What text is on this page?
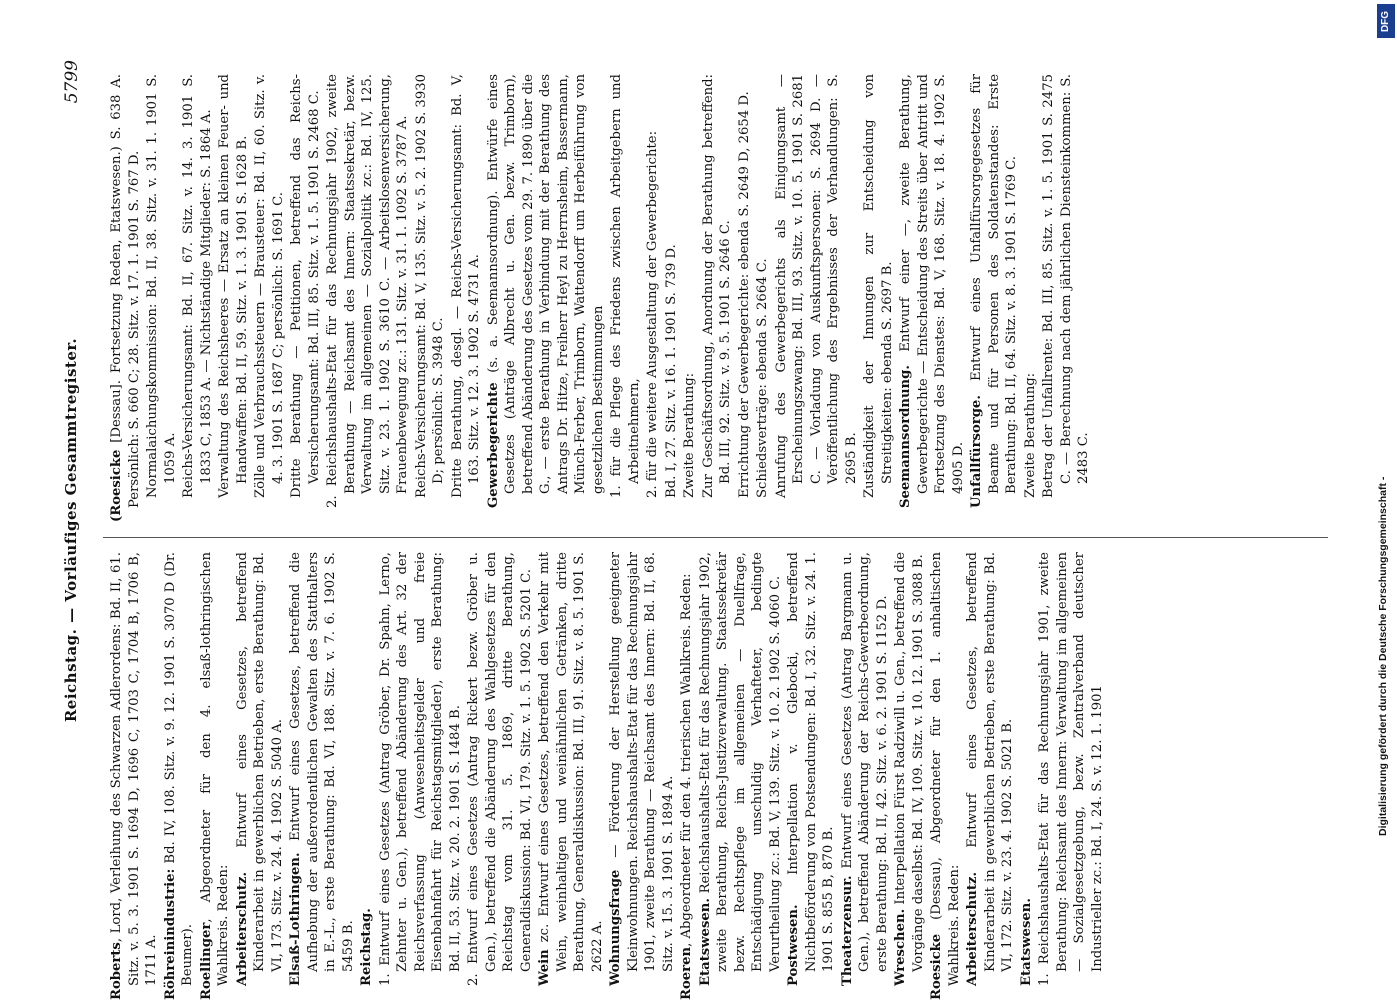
Reichstag. — Vorläufiges Gesammtregister.
5799
Roberts, Lord, Verleihung des Schwarzen Adlerordens: Bd. II, 61. Sitz. v. 5. 3. 1901 S. 1694 D, 1696 C, 1703 C, 1704 B, 1706 B, 1711 A. Röhreinindustrie: Bd. IV, 108. Sitz. v. 9. 12. 1901 S. 3070 D (Dr. Beumer). Roellinger, Abgeordneter für den 4. elsaß-lothringischen Wahlkreis. Reden: Arbeiterschutz. Entwurf eines Gesetzes, betreffend Kinderarbeit in gewerblichen Betrieben, erste Berathung: Bd. VI, 173. Sitz. v. 24. 4. 1902 S. 5040 A. Elsaß-Lothringen. Entwurf eines Gesetzes, betreffend die Aufhebung der außerordentlichen Gewalten des Statthalters in E.-L., erste Berathung: Bd. VI, 188. Sitz. v. 7. 6. 1902 S. 5459 B. Reichstag. 1. Entwurf eines Gesetzes (Antrag Gröber, Dr. Spahn, Lerno, Zehnter u. Gen.), betreffend Abänderung des Art. 32 der Reichsverfassung (Anwesenheitsgelder und freie Eisenbahnfahrt für Reichstagsmitglieder), erste Berathung: Bd. II, 53. Sitz. v. 20. 2. 1901 S. 1484 B. 2. Entwurf eines Gesetzes (Antrag Rickert bezw. Gröber u. Gen.), betreffend die Abänderung des Wahlgesetzes für den Reichstag vom 31. 5. 1869, dritte Berathung, Generaldiskussion: Bd. VI, 179. Sitz. v. 1. 5. 1902 S. 5201 C. Wein zc. Entwurf eines Gesetzes, betreffend den Verkehr mit Wein, weinhaltigen und weinähnlichen Getränken, dritte Berathung, Generaldiskussion: Bd. III, 91. Sitz. v. 8. 5. 1901 S. 2622 A. Wohnungsfrage — Förderung der Herstellung geeigneter Kleinwohnungen. Reichshaushalts-Etat für das Rechnungsjahr 1901, zweite Berathung — Reichsamt des Innern: Bd. II, 68. Sitz. v. 15. 3. 1901 S. 1894 A.
Roeren, Abgeordneter für den 4. trierischen Wahlkreis. Reden: Etatswesen. Reichshaushalts-Etat für das Rechnungsjahr 1902, zweite Berathung, Reichs-Justizverwaltung. Staatssekretär bezw. Rechtspflege im allgemeinen — Duellfrage, Entschädigung unschuldig Verhafteter, bedingte Verurtheilung zc.: Bd. V, 139. Sitz. v. 10. 2. 1902 S. 4060 C. Postwesen. Interpellation v. Glebocki, betreffend Nichtbeförderung von Postsendungen: Bd. I, 32. Sitz. v. 24. 1. 1901 S. 855 B, 870 B. Theaterzensur. Entwurf eines Gesetzes (Antrag Bargmann u. Gen.), betreffend Abänderung der Reichs-Gewerbeordnung, erste Berathung: Bd. II, 42. Sitz. v. 6. 2. 1901 S. 1152 D. Wreschen. Interpellation Fürst Radziwill u. Gen., betreffend die Vorgänge daselbst: Bd. IV, 109. Sitz. v. 10. 12. 1901 S. 3088 B. Roesicke (Dessau), Abgeordneter für den 1. anhaltischen Wahlkreis. Reden: Arbeiterschutz. Entwurf eines Gesetzes, betreffend Kinderarbeit in gewerblichen Betrieben, erste Berathung: Bd. VI, 172. Sitz. v. 23. 4. 1902 S. 5021 B. Etatswesen. 1. Reichshaushalts-Etat für das Rechnungsjahr 1901, zweite Berathung: Reichsamt des Innern: Verwaltung im allgemeinen — Sozialgesetzgebung, bezw. Zentralverband deutscher Industrieller zc.: Bd. I, 24. S. v. 12. 1. 1901
(Roesicke [Dessau]. Fortsetzung Reden, Etatswesen.) S. 638 A. Persönlich: S. 660 C; 28. Sitz. v. 17. 1. 1901 S. 767 D. Normalaichungskommission: Bd. II, 38. Sitz. v. 31. 1. 1901 S. 1059 A. Reichs-Versicherungsamt: Bd. II, 67. Sitz. v. 14. 3. 1901 S. 1833 C, 1853 A. — Nichtständige Mitglieder: S. 1864 A. Verwaltung des Reichsheeres — Ersatz an kleinen Feuer- und Handwaffen: Bd. II, 59. Sitz. v. 1. 3. 1901 S. 1628 B. Zölle und Verbrauchssteuern — Brausteuer: Bd. II, 60. Sitz. v. 4. 3. 1901 S. 1687 C; persönlich: S. 1691 C. Dritte Berathung — Petitionen, betreffend das Reichs-Versicherungsamt: Bd. III, 85. Sitz. v. 1. 5. 1901 S. 2468 C. 2. Reichshaushalts-Etat für das Rechnungsjahr 1902, zweite Berathung — Reichsamt des Innern: Staatssekretär, bezw. Verwaltung im allgemeinen — Sozialpolitik zc.: Bd. IV, 125. Sitz. v. 23. 1. 1902 S. 3610 C. — Arbeitslosenversicherung, Frauenbewegung zc.: 131. Sitz. v. 31. 1. 1092 S. 3787 A. Reichs-Versicherungsamt: Bd. V, 135. Sitz. v. 5. 2. 1902 S. 3930 D; persönlich: S. 3948 C. Dritte Berathung, desgl. — Reichs-Versicherungsamt: Bd. V, 163. Sitz. v. 12. 3. 1902 S. 4731 A. Gewerbegerichte (s. a. Seemannsordnung). Entwürfe eines Gesetzes (Anträge Albrecht u. Gen. bezw. Trimborn), betreffend Abänderung des Gesetzes vom 29. 7. 1890 über die G., — erste Berathung in Verbindung mit der Berathung des Antrags Dr. Hitze, Freiherr Heyl zu Herrnsheim, Bassermann, Münch-Ferber, Trimborn, Wattendorff um Herbeiführung von gesetzlichen Bestimmungen 1. für die Pflege des Friedens zwischen Arbeitgebern und Arbeitnehmern, 2. für die weitere Ausgestaltung der Gewerbegerichte: Bd. I, 27. Sitz. v. 16. 1. 1901 S. 739 D. Zweite Berathung: Zur Geschäftsordnung, Anordnung der Berathung betreffend: Bd. III, 92. Sitz. v. 9. 5. 1901 S. 2646 C. Errichtung der Gewerbegerichte: ebenda S. 2649 D, 2654 D. Schiedsverträge: ebenda S. 2664 C. Anrufung des Gewerbegerichts als Einigungsamt — Erscheinungszwang: Bd. III, 93. Sitz. v. 10. 5. 1901 S. 2681 C. — Vorladung von Auskunftspersonen: S. 2694 D. — Veröffentlichung des Ergebnisses der Verhandlungen: S. 2695 B. Zuständigkeit der Innungen zur Entscheidung von Streitigkeiten: ebenda S. 2697 B. Seemannsordnung. Entwurf einer —, zweite Berathung, Gewerbegerichte — Entscheidung des Streits über Antritt und Fortsetzung des Dienstes: Bd. V, 168. Sitz. v. 18. 4. 1902 S. 4905 D. Unfallfürsorge. Entwurf eines Unfallfürsorgegesetzes für Beamte und für Personen des Soldatenstandes: Erste Berathung: Bd. II, 64. Sitz. v. 8. 3. 1901 S. 1769 C. Zweite Berathung: Betrag der Unfallrente: Bd. III, 85. Sitz. v. 1. 5. 1901 S. 2475 C. — Berechnung nach dem jährlichen Diensteinkommen: S. 2483 C.
Digitalisierung gefördert durch die Deutsche Forschungsgemeinschaft -
DFG
